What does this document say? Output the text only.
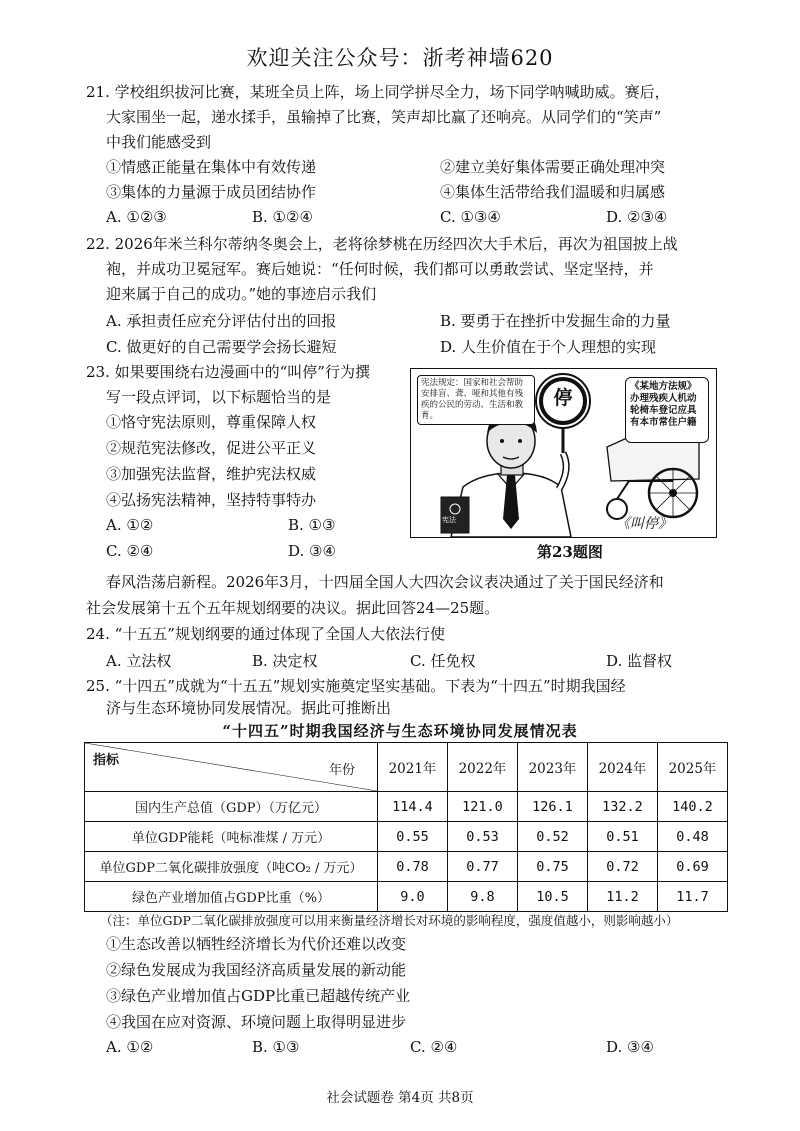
欢迎关注公众号：浙考神墙620
21. 学校组织拔河比赛，某班全员上阵，场上同学拼尽全力，场下同学呐喊助威。赛后，
大家围坐一起，递水揉手，虽输掉了比赛，笑声却比赢了还响亮。从同学们的“笑声”
中我们能感受到
①情感正能量在集体中有效传递	②建立美好集体需要正确处理冲突
③集体的力量源于成员团结协作	④集体生活带给我们温暖和归属感
A. ①②③	B. ①②④	C. ①③④	D. ②③④
22. 2026年米兰科尔蒂纳冬奥会上，老将徐梦桃在历经四次大手术后，再次为祖国披上战
袍，并成功卫冕冠军。赛后她说：“任何时候，我们都可以勇敢尝试、坚定坚持，并
迎来属于自己的成功。”她的事迹启示我们
A. 承担责任应充分评估付出的回报	B. 要勇于在挫折中发掘生命的力量
C. 做更好的自己需要学会扬长避短	D. 人生价值在于个人理想的实现
23. 如果要围绕右边漫画中的“叫停”行为撰
写一段点评词，以下标题恰当的是
①恪守宪法原则，尊重保障人权
②规范宪法修改，促进公平正义
③加强宪法监督，维护宪法权威
④弘扬宪法精神，坚持特事特办
A. ①②	B. ①③
C. ②④	D. ③④
宪法规定：国家和社会帮助安排盲、聋、哑和其他有残疾的公民的劳动、生活和教育。
停
《某地方法规》办理残疾人机动轮椅车登记应具有本市常住户籍
宪法	《叫停》
第23题图
春风浩荡启新程。2026年3月，十四届全国人大四次会议表决通过了关于国民经济和
社会发展第十五个五年规划纲要的决议。据此回答24—25题。
24. “十五五”规划纲要的通过体现了全国人大依法行使
A. 立法权	B. 决定权	C. 任免权	D. 监督权
25. “十四五”成就为“十五五”规划实施奠定坚实基础。下表为“十四五”时期我国经
济与生态环境协同发展情况。据此可推断出
“十四五”时期我国经济与生态环境协同发展情况表
指标
年份	2021年	2022年	2023年	2024年	2025年
国内生产总值（GDP）（万亿元）	114.4	121.0	126.1	132.2	140.2
单位GDP能耗（吨标准煤 / 万元）	0.55	0.53	0.52	0.51	0.48
单位GDP二氧化碳排放强度（吨CO₂ / 万元）	0.78	0.77	0.75	0.72	0.69
绿色产业增加值占GDP比重（%）	9.0	9.8	10.5	11.2	11.7
（注：单位GDP二氧化碳排放强度可以用来衡量经济增长对环境的影响程度，强度值越小，则影响越小）
①生态改善以牺牲经济增长为代价还难以改变
②绿色发展成为我国经济高质量发展的新动能
③绿色产业增加值占GDP比重已超越传统产业
④我国在应对资源、环境问题上取得明显进步
A. ①②	B. ①③	C. ②④	D. ③④
社会试题卷 第4页 共8页
